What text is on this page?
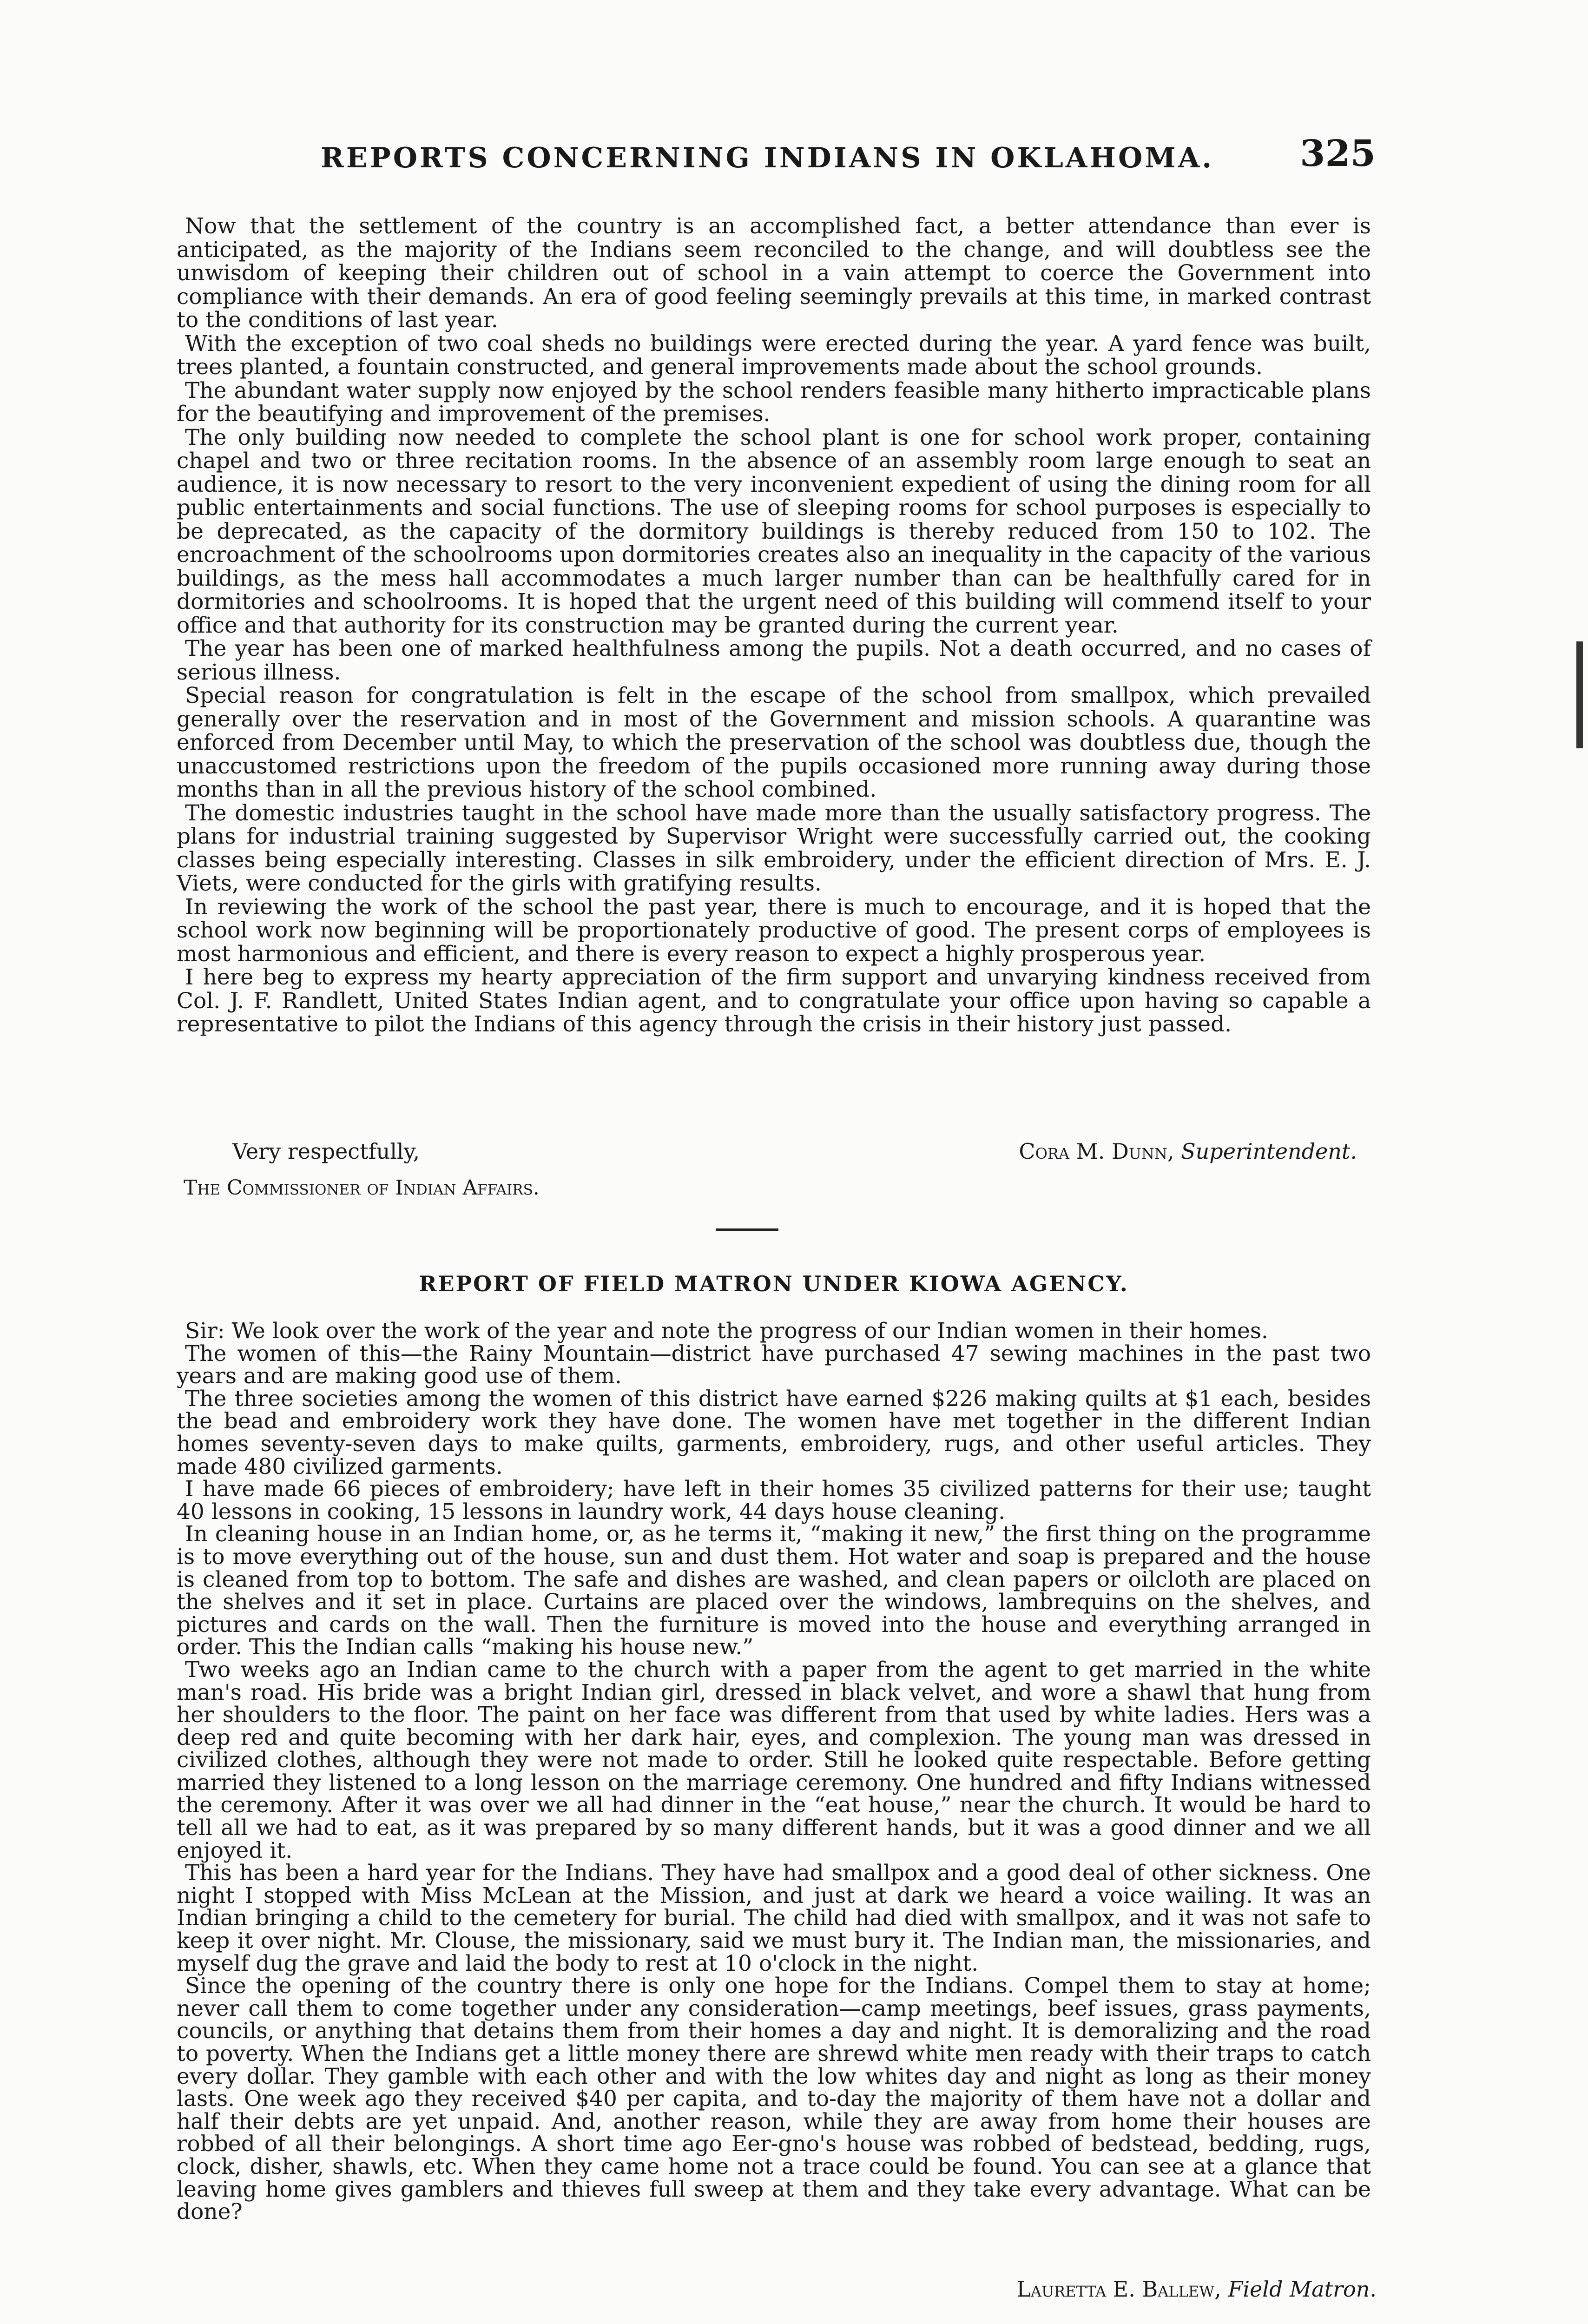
REPORTS CONCERNING INDIANS IN OKLAHOMA. 325

Now that the settlement of the country is an accomplished fact, a better attendance than ever is anticipated, as the majority of the Indians seem reconciled to the change, and will doubtless see the unwisdom of keeping their children out of school in a vain attempt to coerce the Government into compliance with their demands. An era of good feeling seemingly prevails at this time, in marked contrast to the conditions of last year.

With the exception of two coal sheds no buildings were erected during the year. A yard fence was built, trees planted, a fountain constructed, and general improvements made about the school grounds.

The abundant water supply now enjoyed by the school renders feasible many hitherto impracticable plans for the beautifying and improvement of the premises.

The only building now needed to complete the school plant is one for school work proper, containing chapel and two or three recitation rooms. In the absence of an assembly room large enough to seat an audience, it is now necessary to resort to the very inconvenient expedient of using the dining room for all public entertainments and social functions. The use of sleeping rooms for school purposes is especially to be deprecated, as the capacity of the dormitory buildings is thereby reduced from 150 to 102. The encroachment of the schoolrooms upon dormitories creates also an inequality in the capacity of the various buildings, as the mess hall accommodates a much larger number than can be healthfully cared for in dormitories and schoolrooms. It is hoped that the urgent need of this building will commend itself to your office and that authority for its construction may be granted during the current year.

The year has been one of marked healthfulness among the pupils. Not a death occurred, and no cases of serious illness.

Special reason for congratulation is felt in the escape of the school from smallpox, which prevailed generally over the reservation and in most of the Government and mission schools. A quarantine was enforced from December until May, to which the preservation of the school was doubtless due, though the unaccustomed restrictions upon the freedom of the pupils occasioned more running away during those months than in all the previous history of the school combined.

The domestic industries taught in the school have made more than the usually satisfactory progress. The plans for industrial training suggested by Supervisor Wright were successfully carried out, the cooking classes being especially interesting. Classes in silk embroidery, under the efficient direction of Mrs. E. J. Viets, were conducted for the girls with gratifying results.

In reviewing the work of the school the past year, there is much to encourage, and it is hoped that the school work now beginning will be proportionately productive of good. The present corps of employees is most harmonious and efficient, and there is every reason to expect a highly prosperous year.

I here beg to express my hearty appreciation of the firm support and unvarying kindness received from Col. J. F. Randlett, United States Indian agent, and to congratulate your office upon having so capable a representative to pilot the Indians of this agency through the crisis in their history just passed.

Very respectfully,	Cora M. Dunn, Superintendent.
The Commissioner of Indian Affairs.
REPORT OF FIELD MATRON UNDER KIOWA AGENCY.

Sir: We look over the work of the year and note the progress of our Indian women in their homes.

The women of this—the Rainy Mountain—district have purchased 47 sewing machines in the past two years and are making good use of them.

The three societies among the women of this district have earned $226 making quilts at $1 each, besides the bead and embroidery work they have done. The women have met together in the different Indian homes seventy-seven days to make quilts, garments, embroidery, rugs, and other useful articles. They made 480 civilized garments.

I have made 66 pieces of embroidery; have left in their homes 35 civilized patterns for their use; taught 40 lessons in cooking, 15 lessons in laundry work, 44 days house cleaning.

In cleaning house in an Indian home, or, as he terms it, “making it new,” the first thing on the programme is to move everything out of the house, sun and dust them. Hot water and soap is prepared and the house is cleaned from top to bottom. The safe and dishes are washed, and clean papers or oilcloth are placed on the shelves and it set in place. Curtains are placed over the windows, lambrequins on the shelves, and pictures and cards on the wall. Then the furniture is moved into the house and everything arranged in order. This the Indian calls “making his house new.”

Two weeks ago an Indian came to the church with a paper from the agent to get married in the white man's road. His bride was a bright Indian girl, dressed in black velvet, and wore a shawl that hung from her shoulders to the floor. The paint on her face was different from that used by white ladies. Hers was a deep red and quite becoming with her dark hair, eyes, and complexion. The young man was dressed in civilized clothes, although they were not made to order. Still he looked quite respectable. Before getting married they listened to a long lesson on the marriage ceremony. One hundred and fifty Indians witnessed the ceremony. After it was over we all had dinner in the “eat house,” near the church. It would be hard to tell all we had to eat, as it was prepared by so many different hands, but it was a good dinner and we all enjoyed it.

This has been a hard year for the Indians. They have had smallpox and a good deal of other sickness. One night I stopped with Miss McLean at the Mission, and just at dark we heard a voice wailing. It was an Indian bringing a child to the cemetery for burial. The child had died with smallpox, and it was not safe to keep it over night. Mr. Clouse, the missionary, said we must bury it. The Indian man, the missionaries, and myself dug the grave and laid the body to rest at 10 o'clock in the night.

Since the opening of the country there is only one hope for the Indians. Compel them to stay at home; never call them to come together under any consideration—camp meetings, beef issues, grass payments, councils, or anything that detains them from their homes a day and night. It is demoralizing and the road to poverty. When the Indians get a little money there are shrewd white men ready with their traps to catch every dollar. They gamble with each other and with the low whites day and night as long as their money lasts. One week ago they received $40 per capita, and to-day the majority of them have not a dollar and half their debts are yet unpaid. And, another reason, while they are away from home their houses are robbed of all their belongings. A short time ago Eer-gno's house was robbed of bedstead, bedding, rugs, clock, disher, shawls, etc. When they came home not a trace could be found. You can see at a glance that leaving home gives gamblers and thieves full sweep at them and they take every advantage. What can be done?

Lauretta E. Ballew, Field Matron.
